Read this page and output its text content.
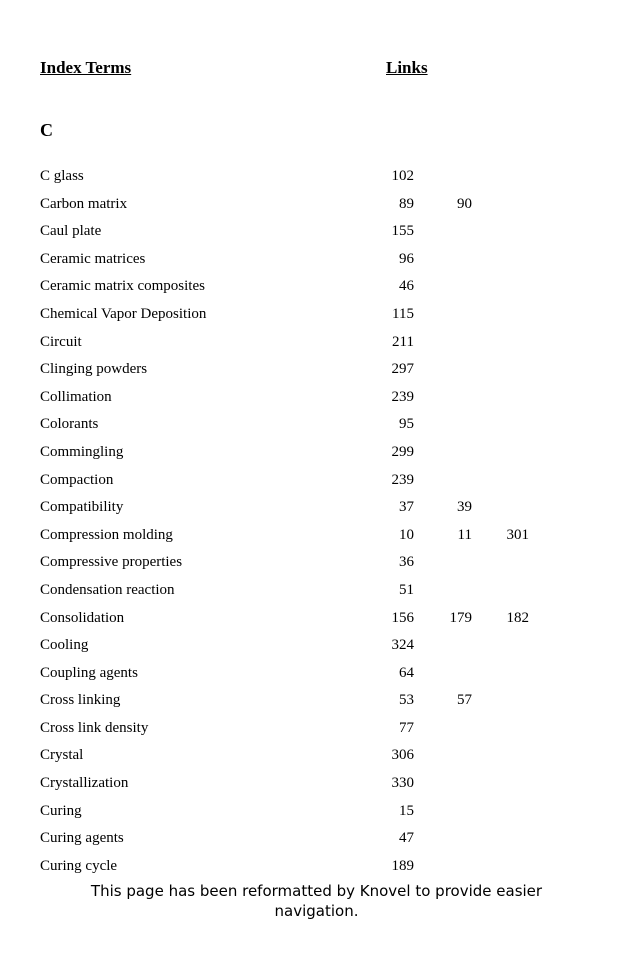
Index Terms	Links
C
C glass	102
Carbon matrix	89	90
Caul plate	155
Ceramic matrices	96
Ceramic matrix composites	46
Chemical Vapor Deposition	115
Circuit	211
Clinging powders	297
Collimation	239
Colorants	95
Commingling	299
Compaction	239
Compatibility	37	39
Compression molding	10	11	301
Compressive properties	36
Condensation reaction	51
Consolidation	156	179	182
Cooling	324
Coupling agents	64
Cross linking	53	57
Cross link density	77
Crystal	306
Crystallization	330
Curing	15
Curing agents	47
Curing cycle	189
This page has been reformatted by Knovel to provide easier
navigation.
